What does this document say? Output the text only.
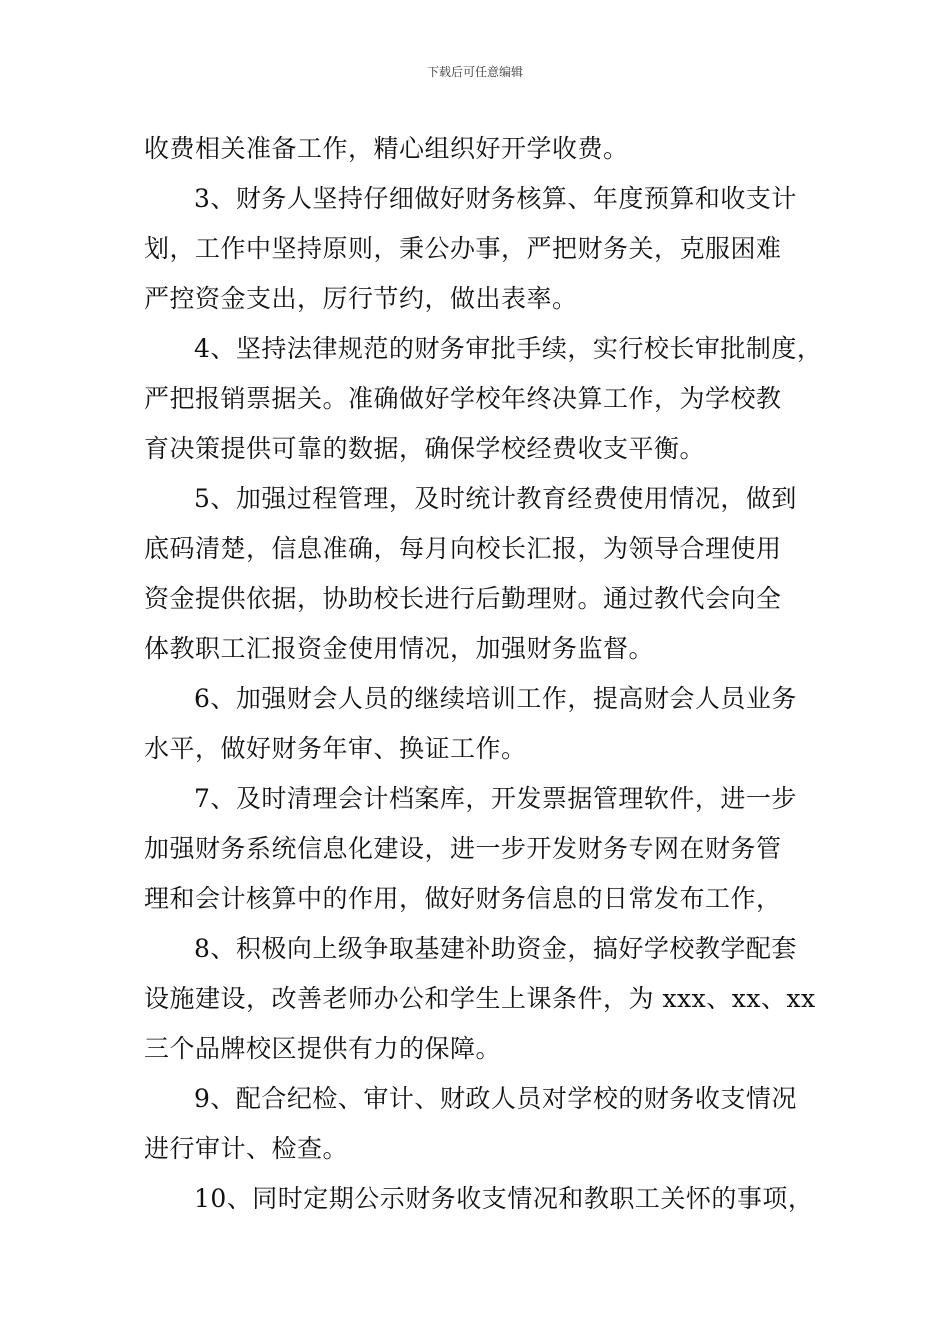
下载后可任意编辑
收费相关准备工作，精心组织好开学收费。
3、财务人坚持仔细做好财务核算、年度预算和收支计
划，工作中坚持原则，秉公办事，严把财务关，克服困难
严控资金支出，厉行节约，做出表率。
4、坚持法律规范的财务审批手续，实行校长审批制度，
严把报销票据关。准确做好学校年终决算工作，为学校教
育决策提供可靠的数据，确保学校经费收支平衡。
5、加强过程管理，及时统计教育经费使用情况，做到
底码清楚，信息准确，每月向校长汇报，为领导合理使用
资金提供依据，协助校长进行后勤理财。通过教代会向全
体教职工汇报资金使用情况，加强财务监督。
6、加强财会人员的继续培训工作，提高财会人员业务
水平，做好财务年审、换证工作。
7、及时清理会计档案库，开发票据管理软件，进一步
加强财务系统信息化建设，进一步开发财务专网在财务管
理和会计核算中的作用，做好财务信息的日常发布工作，
8、积极向上级争取基建补助资金，搞好学校教学配套
设施建设，改善老师办公和学生上课条件，为 xxx、xx、xx
三个品牌校区提供有力的保障。
9、配合纪检、审计、财政人员对学校的财务收支情况
进行审计、检查。
10、同时定期公示财务收支情况和教职工关怀的事项，
